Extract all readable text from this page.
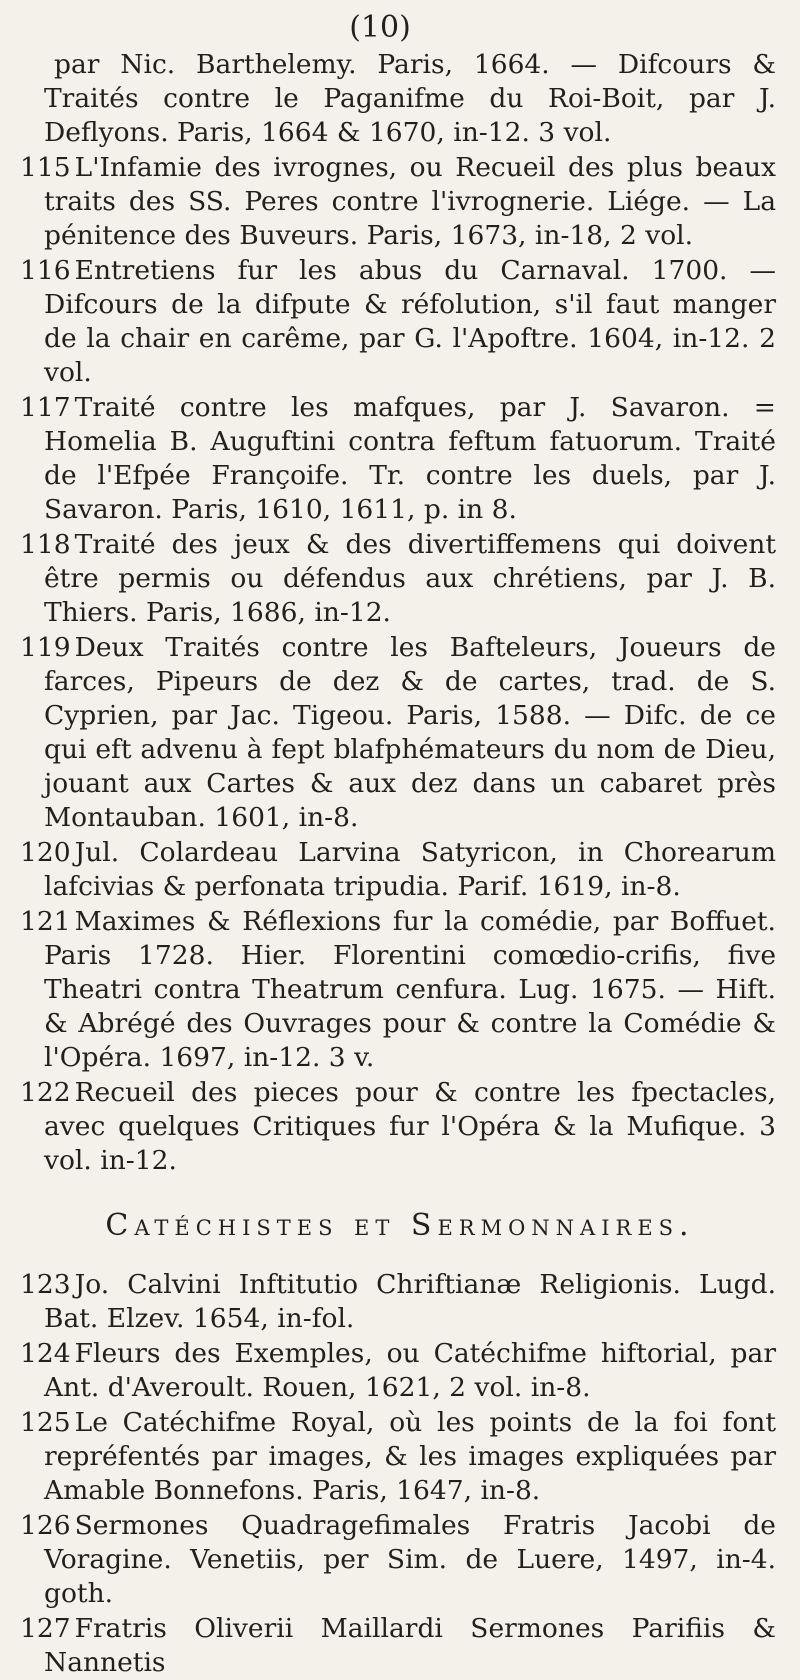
(10)

par Nic. Barthelemy. Paris, 1664. — Difcours & Traités contre le Paganifme du Roi-Boit, par J. Deflyons. Paris, 1664 & 1670, in-12. 3 vol.

115 L'Infamie des ivrognes, ou Recueil des plus beaux traits des SS. Peres contre l'ivrognerie. Liége. — La pénitence des Buveurs. Paris, 1673, in-18, 2 vol.

116 Entretiens fur les abus du Carnaval. 1700. — Difcours de la difpute & réfolution, s'il faut manger de la chair en carême, par G. l'Apoftre. 1604, in-12. 2 vol.

117 Traité contre les mafques, par J. Savaron. = Homelia B. Auguftini contra feftum fatuorum. Traité de l'Efpée Françoife. Tr. contre les duels, par J. Savaron. Paris, 1610, 1611, p. in 8.

118 Traité des jeux & des divertiffemens qui doivent être permis ou défendus aux chrétiens, par J. B. Thiers. Paris, 1686, in-12.

119 Deux Traités contre les Bafteleurs, Joueurs de farces, Pipeurs de dez & de cartes, trad. de S. Cyprien, par Jac. Tigeou. Paris, 1588. — Difc. de ce qui eft advenu à fept blafphémateurs du nom de Dieu, jouant aux Cartes & aux dez dans un cabaret près Montauban. 1601, in-8.

120 Jul. Colardeau Larvina Satyricon, in Chorearum lafcivias & perfonata tripudia. Parif. 1619, in-8.

121 Maximes & Réflexions fur la comédie, par Boffuet. Paris 1728. Hier. Florentini comœdio-crifis, five Theatri contra Theatrum cenfura. Lug. 1675. — Hift. & Abrégé des Ouvrages pour & contre la Comédie & l'Opéra. 1697, in-12. 3 v.

122 Recueil des pieces pour & contre les fpectacles, avec quelques Critiques fur l'Opéra & la Mufique. 3 vol. in-12.

Catéchistes et Sermonnaires.

123 Jo. Calvini Inftitutio Chriftianæ Religionis. Lugd. Bat. Elzev. 1654, in-fol.

124 Fleurs des Exemples, ou Catéchifme hiftorial, par Ant. d'Averoult. Rouen, 1621, 2 vol. in-8.

125 Le Catéchifme Royal, où les points de la foi font repréfentés par images, & les images expliquées par Amable Bonnefons. Paris, 1647, in-8.

126 Sermones Quadragefimales Fratris Jacobi de Voragine. Venetiis, per Sim. de Luere, 1497, in-4. goth.

127 Fratris Oliverii Maillardi Sermones Parifiis & Nannetis
